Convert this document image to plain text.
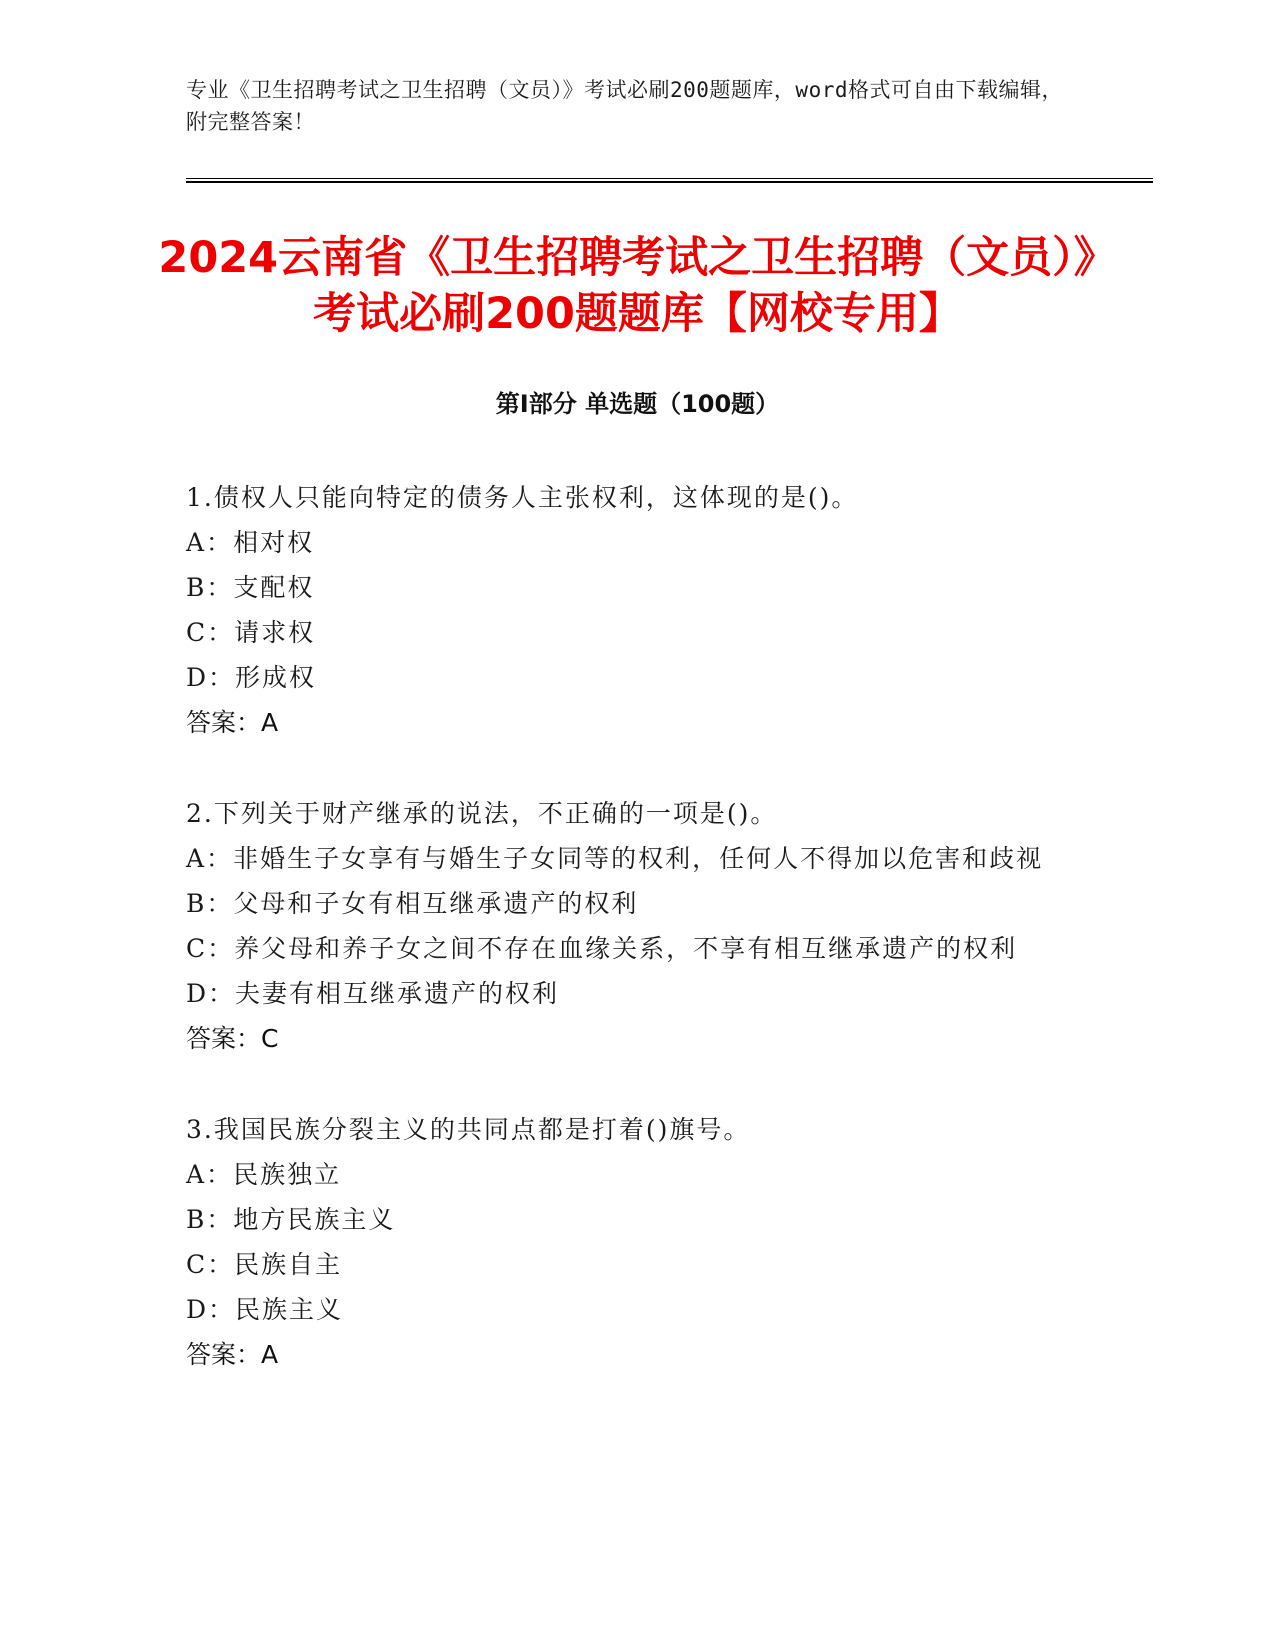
专业《卫生招聘考试之卫生招聘（文员）》考试必刷200题题库，word格式可自由下载编辑，附完整答案！
2024云南省《卫生招聘考试之卫生招聘（文员）》考试必刷200题题库【网校专用】
第Ⅰ部分 单选题（100题）
1.债权人只能向特定的债务人主张权利，这体现的是()。
A：相对权
B：支配权
C：请求权
D：形成权
答案：A
2.下列关于财产继承的说法，不正确的一项是()。
A：非婚生子女享有与婚生子女同等的权利，任何人不得加以危害和歧视
B：父母和子女有相互继承遗产的权利
C：养父母和养子女之间不存在血缘关系，不享有相互继承遗产的权利
D：夫妻有相互继承遗产的权利
答案：C
3.我国民族分裂主义的共同点都是打着()旗号。
A：民族独立
B：地方民族主义
C：民族自主
D：民族主义
答案：A
